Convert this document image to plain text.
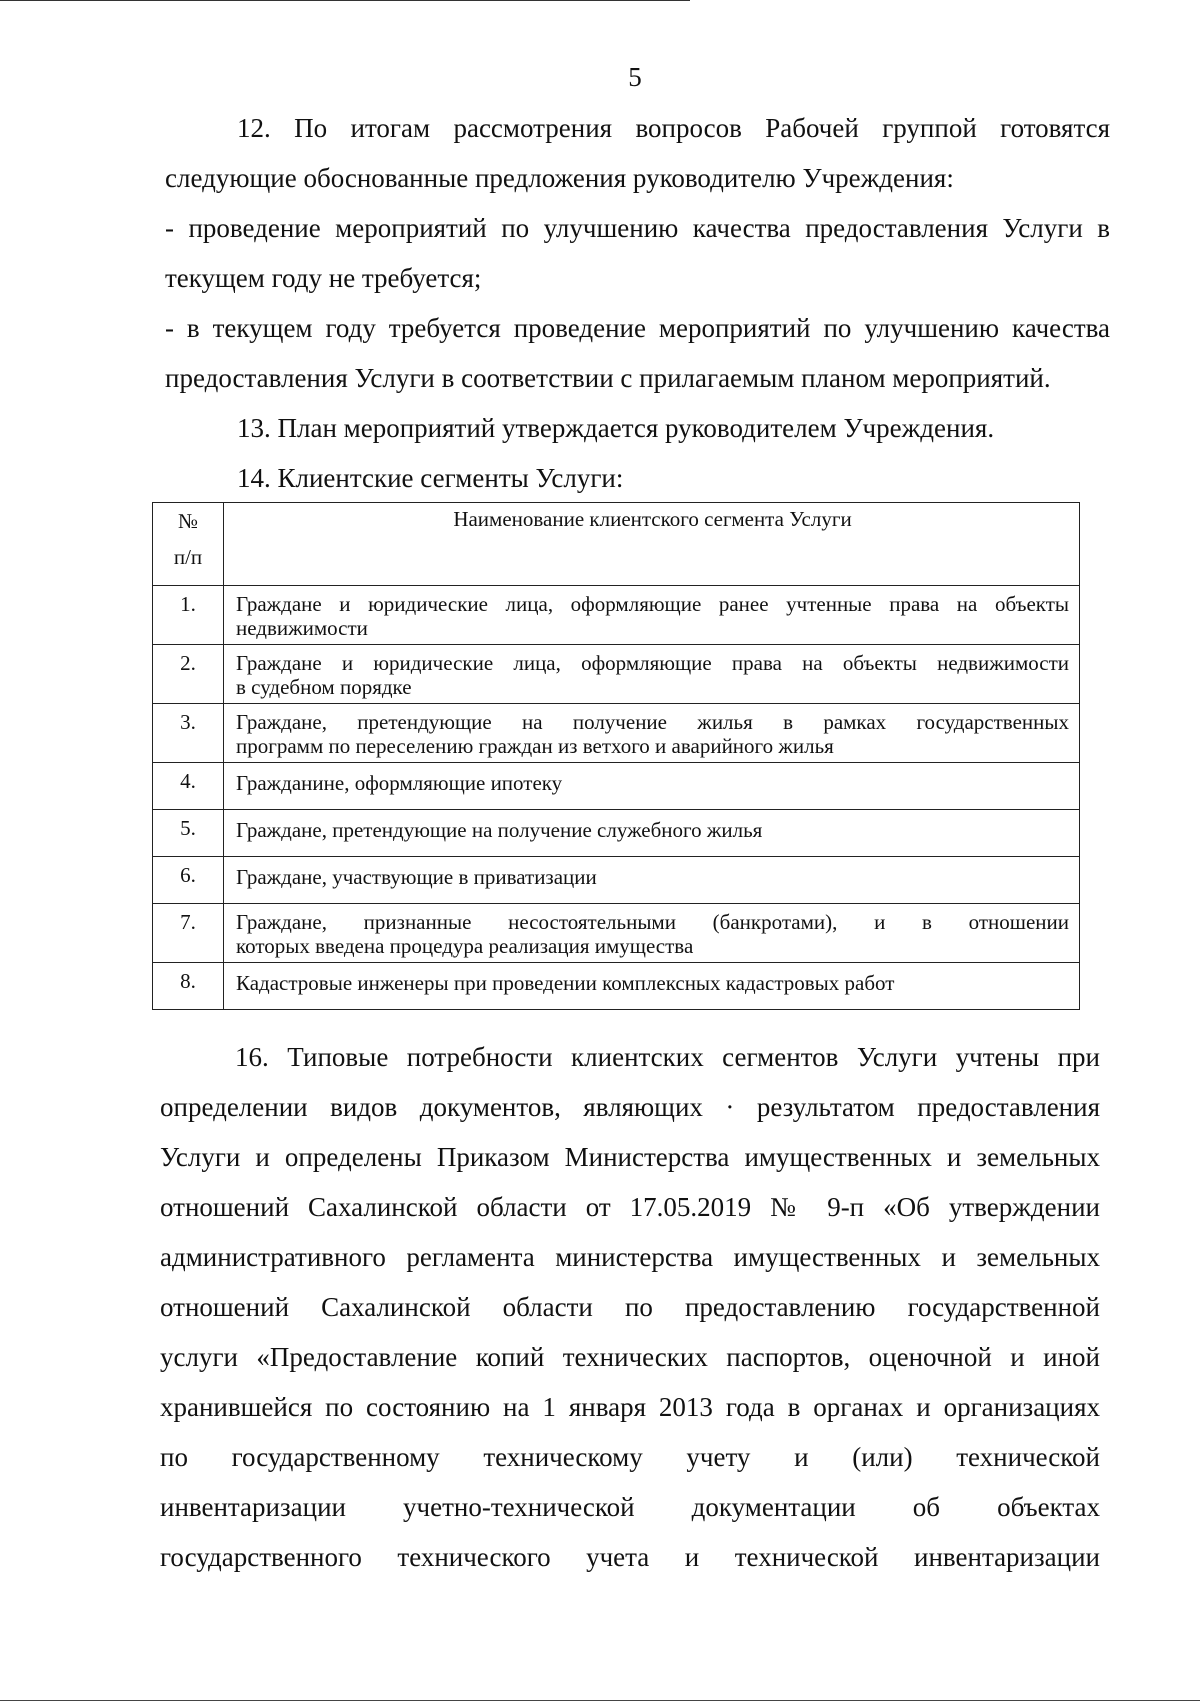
5
12. По итогам рассмотрения вопросов Рабочей группой готовятся
следующие обоснованные предложения руководителю Учреждения:
- проведение мероприятий по улучшению качества предоставления Услуги в
текущем году не требуется;
- в текущем году требуется проведение мероприятий по улучшению качества
предоставления Услуги в соответствии с прилагаемым планом мероприятий.
13. План мероприятий утверждается руководителем Учреждения.
14. Клиентские сегменты Услуги:
№
п/п	Наименование клиентского сегмента Услуги
1.	Граждане и юридические лица, оформляющие ранее учтенные права на объекты
недвижимости

2.	Граждане и юридические лица, оформляющие права на объекты недвижимости
в судебном порядке

3.	Граждане, претендующие на получение жилья в рамках государственных
программ по переселению граждан из ветхого и аварийного жилья

4.	Гражданине, оформляющие ипотеку
5.	Граждане, претендующие на получение служебного жилья
6.	Граждане, участвующие в приватизации
7.	Граждане, признанные несостоятельными (банкротами), и в отношении
которых введена процедура реализация имущества

8.	Кадастровые инженеры при проведении комплексных кадастровых работ
16. Типовые потребности клиентских сегментов Услуги учтены при
определении видов документов, являющих · результатом предоставления
Услуги и определены Приказом Министерства имущественных и земельных
отношений Сахалинской области от 17.05.2019 № 9-п «Об утверждении
административного регламента министерства имущественных и земельных
отношений Сахалинской области по предоставлению государственной
услуги «Предоставление копий технических паспортов, оценочной и иной
хранившейся по состоянию на 1 января 2013 года в органах и организациях
по государственному техническому учету и (или) технической
инвентаризации учетно-технической документации об объектах
государственного технического учета и технической инвентаризации
